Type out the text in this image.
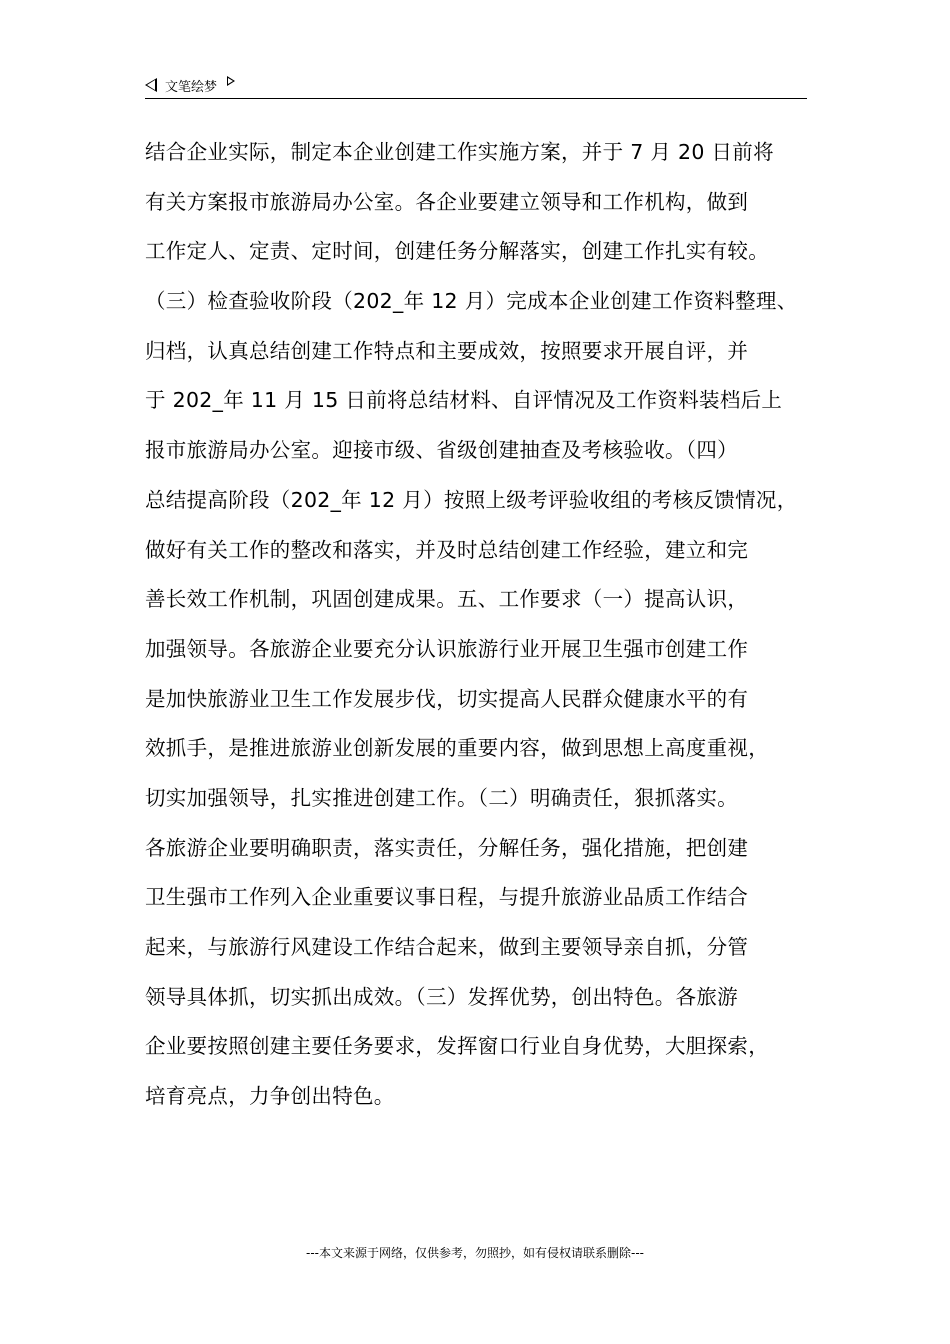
文笔绘梦
结合企业实际，制定本企业创建工作实施方案，并于 7 月 20 日前将
有关方案报市旅游局办公室。各企业要建立领导和工作机构，做到
工作定人、定责、定时间，创建任务分解落实，创建工作扎实有较。
（三）检查验收阶段（202_年 12 月）完成本企业创建工作资料整理、
归档，认真总结创建工作特点和主要成效，按照要求开展自评，并
于 202_年 11 月 15 日前将总结材料、自评情况及工作资料装档后上
报市旅游局办公室。迎接市级、省级创建抽查及考核验收。（四）
总结提高阶段（202_年 12 月）按照上级考评验收组的考核反馈情况，
做好有关工作的整改和落实，并及时总结创建工作经验，建立和完
善长效工作机制，巩固创建成果。五、工作要求（一）提高认识，
加强领导。各旅游企业要充分认识旅游行业开展卫生强市创建工作
是加快旅游业卫生工作发展步伐，切实提高人民群众健康水平的有
效抓手，是推进旅游业创新发展的重要内容，做到思想上高度重视，
切实加强领导，扎实推进创建工作。（二）明确责任，狠抓落实。
各旅游企业要明确职责，落实责任，分解任务，强化措施，把创建
卫生强市工作列入企业重要议事日程，与提升旅游业品质工作结合
起来，与旅游行风建设工作结合起来，做到主要领导亲自抓，分管
领导具体抓，切实抓出成效。（三）发挥优势，创出特色。各旅游
企业要按照创建主要任务要求，发挥窗口行业自身优势，大胆探索，
培育亮点，力争创出特色。
---本文来源于网络，仅供参考，勿照抄，如有侵权请联系删除---
